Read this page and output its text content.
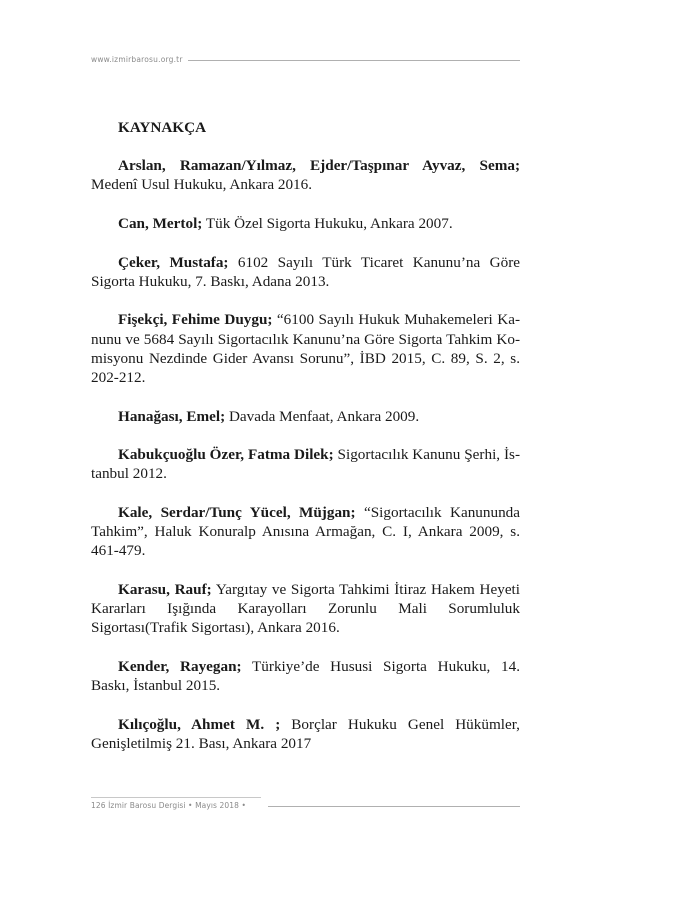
www.izmirbarosu.org.tr
KAYNAKÇA

Arslan, Ramazan/Yılmaz, Ejder/Taşpınar Ayvaz, Sema; Medenî Usul Hukuku, Ankara 2016.

Can, Mertol; Tük Özel Sigorta Hukuku, Ankara 2007.

Çeker, Mustafa; 6102 Sayılı Türk Ticaret Kanunu’na Göre Sigorta Hukuku, 7. Baskı, Adana 2013.

Fişekçi, Fehime Duygu; “6100 Sayılı Hukuk Muhakemeleri Kanunu ve 5684 Sayılı Sigortacılık Kanunu’na Göre Sigorta Tahkim Komisyonu Nezdinde Gider Avansı Sorunu”, İBD 2015, C. 89, S. 2, s. 202-212.

Hanağası, Emel; Davada Menfaat, Ankara 2009.

Kabukçuoğlu Özer, Fatma Dilek; Sigortacılık Kanunu Şerhi, İstanbul 2012.

Kale, Serdar/Tunç Yücel, Müjgan; “Sigortacılık Kanununda Tahkim”, Haluk Konuralp Anısına Armağan, C. I, Ankara 2009, s. 461-479.

Karasu, Rauf; Yargıtay ve Sigorta Tahkimi İtiraz Hakem Heyeti Kararları Işığında Karayolları Zorunlu Mali Sorumluluk Sigortası(Trafik Sigortası), Ankara 2016.

Kender, Rayegan; Türkiye’de Hususi Sigorta Hukuku, 14. Baskı, İstanbul 2015.

Kılıçoğlu, Ahmet M. ; Borçlar Hukuku Genel Hükümler, Genişletilmiş 21. Bası, Ankara 2017

126 İzmir Barosu Dergisi • Mayıs 2018 •
